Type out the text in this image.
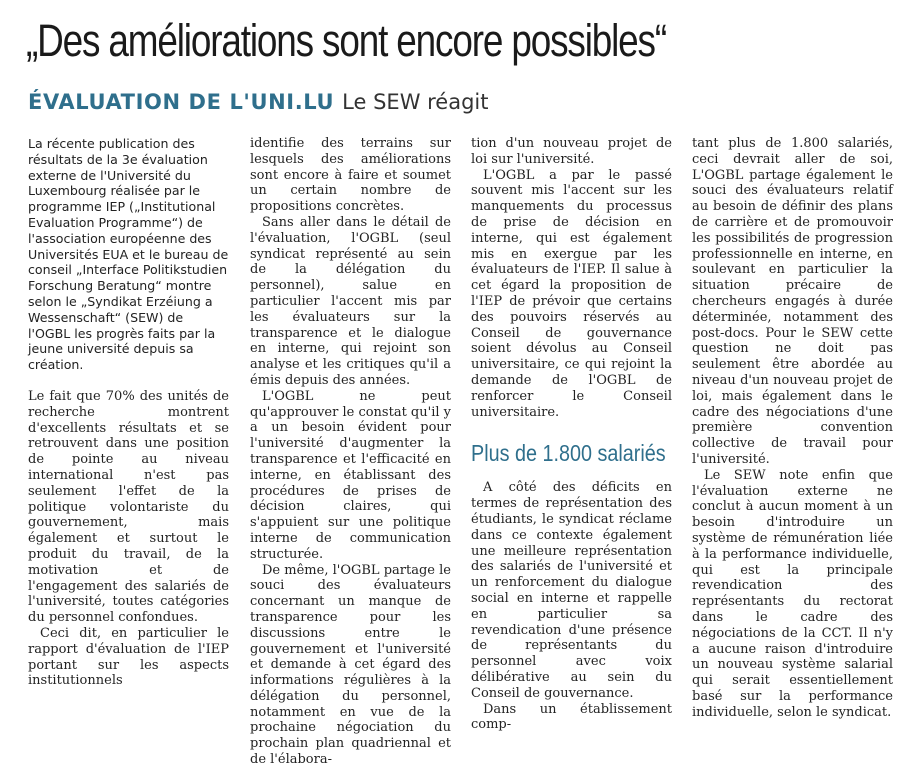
„Des améliorations sont encore possibles“
ÉVALUATION DE L'UNI.LU Le SEW réagit

La récente publication des résultats de la 3e évaluation externe de l'Université du Luxembourg réalisée par le programme IEP („Institutional Evaluation Programme“) de l'association européenne des Universités EUA et le bureau de conseil „Interface Politikstudien Forschung Beratung“ montre selon le „Syndikat Erzéiung a Wessenschaft“ (SEW) de l'OGBL les progrès faits par la jeune université depuis sa création.

Le fait que 70% des unités de recherche montrent d'excellents résultats et se retrouvent dans une position de pointe au niveau international n'est pas seulement l'effet de la politique volontariste du gouvernement, mais également et surtout le produit du travail, de la motivation et de l'engagement des salariés de l'université, toutes catégories du personnel confondues.

Ceci dit, en particulier le rapport d'évaluation de l'IEP portant sur les aspects institutionnels

identifie des terrains sur lesquels des améliorations sont encore à faire et soumet un certain nombre de propositions concrètes.

Sans aller dans le détail de l'évaluation, l'OGBL (seul syndicat représenté au sein de la délégation du personnel), salue en particulier l'accent mis par les évaluateurs sur la transparence et le dialogue en interne, qui rejoint son analyse et les critiques qu'il a émis depuis des années.

L'OGBL ne peut qu'approuver le constat qu'il y a un besoin évident pour l'université d'augmenter la transparence et l'efficacité en interne, en établissant des procédures de prises de décision claires, qui s'appuient sur une politique interne de communication structurée.

De même, l'OGBL partage le souci des évaluateurs concernant un manque de transparence pour les discussions entre le gouvernement et l'université et demande à cet égard des informations régulières à la délégation du personnel, notamment en vue de la prochaine négociation du prochain plan quadriennal et de l'élabora-

tion d'un nouveau projet de loi sur l'université.

L'OGBL a par le passé souvent mis l'accent sur les manquements du processus de prise de décision en interne, qui est également mis en exergue par les évaluateurs de l'IEP. Il salue à cet égard la proposition de l'IEP de prévoir que certains des pouvoirs réservés au Conseil de gouvernance soient dévolus au Conseil universitaire, ce qui rejoint la demande de l'OGBL de renforcer le Conseil universitaire.

Plus de 1.800 salariés

A côté des déficits en termes de représentation des étudiants, le syndicat réclame dans ce contexte également une meilleure représentation des salariés de l'université et un renforcement du dialogue social en interne et rappelle en particulier sa revendication d'une présence de représentants du personnel avec voix délibérative au sein du Conseil de gouvernance.

Dans un établissement comp-

tant plus de 1.800 salariés, ceci devrait aller de soi, L'OGBL partage également le souci des évaluateurs relatif au besoin de définir des plans de carrière et de promouvoir les possibilités de progression professionnelle en interne, en soulevant en particulier la situation précaire de chercheurs engagés à durée déterminée, notamment des post-docs. Pour le SEW cette question ne doit pas seulement être abordée au niveau d'un nouveau projet de loi, mais également dans le cadre des négociations d'une première convention collective de travail pour l'université.

Le SEW note enfin que l'évaluation externe ne conclut à aucun moment à un besoin d'introduire un système de rémunération liée à la performance individuelle, qui est la principale revendication des représentants du rectorat dans le cadre des négociations de la CCT. Il n'y a aucune raison d'introduire un nouveau système salarial qui serait essentiellement basé sur la performance individuelle, selon le syndicat.
